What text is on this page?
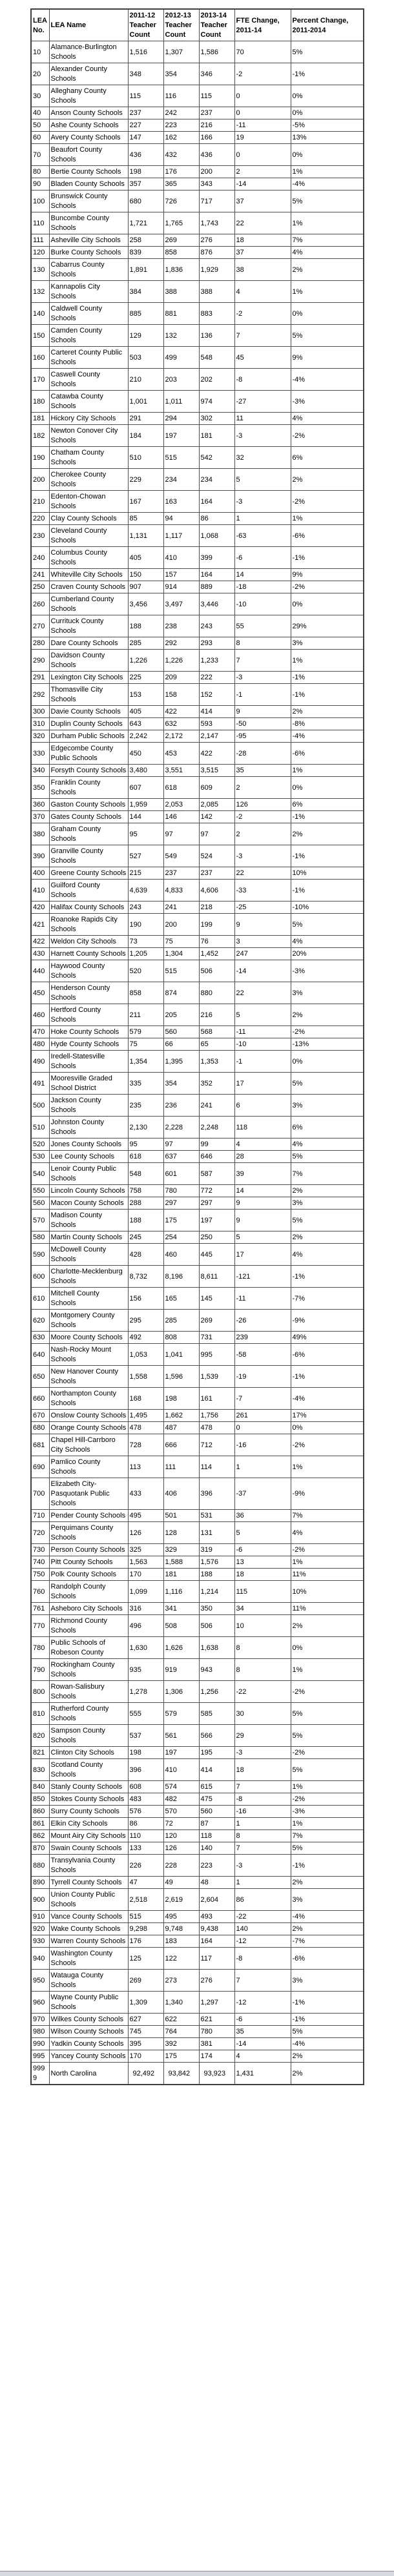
LEA No.	LEA Name	2011-12 Teacher Count	2012-13 Teacher Count	2013-14 Teacher Count	FTE Change, 2011-14	Percent Change, 2011-2014
10	Alamance-Burlington Schools	1,516	1,307	1,586	70	5%
20	Alexander County Schools	348	354	346	-2	-1%
30	Alleghany County Schools	115	116	115	0	0%
40	Anson County Schools	237	242	237	0	0%
50	Ashe County Schools	227	223	216	-11	-5%
60	Avery County Schools	147	162	166	19	13%
70	Beaufort County Schools	436	432	436	0	0%
80	Bertie County Schools	198	176	200	2	1%
90	Bladen County Schools	357	365	343	-14	-4%
100	Brunswick County Schools	680	726	717	37	5%
110	Buncombe County Schools	1,721	1,765	1,743	22	1%
111	Asheville City Schools	258	269	276	18	7%
120	Burke County Schools	839	858	876	37	4%
130	Cabarrus County Schools	1,891	1,836	1,929	38	2%
132	Kannapolis City Schools	384	388	388	4	1%
140	Caldwell County Schools	885	881	883	-2	0%
150	Camden County Schools	129	132	136	7	5%
160	Carteret County Public Schools	503	499	548	45	9%
170	Caswell County Schools	210	203	202	-8	-4%
180	Catawba County Schools	1,001	1,011	974	-27	-3%
181	Hickory City Schools	291	294	302	11	4%
182	Newton Conover City Schools	184	197	181	-3	-2%
190	Chatham County Schools	510	515	542	32	6%
200	Cherokee County Schools	229	234	234	5	2%
210	Edenton-Chowan Schools	167	163	164	-3	-2%
220	Clay County Schools	85	94	86	1	1%
230	Cleveland County Schools	1,131	1,117	1,068	-63	-6%
240	Columbus County Schools	405	410	399	-6	-1%
241	Whiteville City Schools	150	157	164	14	9%
250	Craven County Schools	907	914	889	-18	-2%
260	Cumberland County Schools	3,456	3,497	3,446	-10	0%
270	Currituck County Schools	188	238	243	55	29%
280	Dare County Schools	285	292	293	8	3%
290	Davidson County Schools	1,226	1,226	1,233	7	1%
291	Lexington City Schools	225	209	222	-3	-1%
292	Thomasville City Schools	153	158	152	-1	-1%
300	Davie County Schools	405	422	414	9	2%
310	Duplin County Schools	643	632	593	-50	-8%
320	Durham Public Schools	2,242	2,172	2,147	-95	-4%
330	Edgecombe County Public Schools	450	453	422	-28	-6%
340	Forsyth County Schools	3,480	3,551	3,515	35	1%
350	Franklin County Schools	607	618	609	2	0%
360	Gaston County Schools	1,959	2,053	2,085	126	6%
370	Gates County Schools	144	146	142	-2	-1%
380	Graham County Schools	95	97	97	2	2%
390	Granville County Schools	527	549	524	-3	-1%
400	Greene County Schools	215	237	237	22	10%
410	Guilford County Schools	4,639	4,833	4,606	-33	-1%
420	Halifax County Schools	243	241	218	-25	-10%
421	Roanoke Rapids City Schools	190	200	199	9	5%
422	Weldon City Schools	73	75	76	3	4%
430	Harnett County Schools	1,205	1,304	1,452	247	20%
440	Haywood County Schools	520	515	506	-14	-3%
450	Henderson County Schools	858	874	880	22	3%
460	Hertford County Schools	211	205	216	5	2%
470	Hoke County Schools	579	560	568	-11	-2%
480	Hyde County Schools	75	66	65	-10	-13%
490	Iredell-Statesville Schools	1,354	1,395	1,353	-1	0%
491	Mooresville Graded School District	335	354	352	17	5%
500	Jackson County Schools	235	236	241	6	3%
510	Johnston County Schools	2,130	2,228	2,248	118	6%
520	Jones County Schools	95	97	99	4	4%
530	Lee County Schools	618	637	646	28	5%
540	Lenoir County Public Schools	548	601	587	39	7%
550	Lincoln County Schools	758	780	772	14	2%
560	Macon County Schools	288	297	297	9	3%
570	Madison County Schools	188	175	197	9	5%
580	Martin County Schools	245	254	250	5	2%
590	McDowell County Schools	428	460	445	17	4%
600	Charlotte-Mecklenburg Schools	8,732	8,196	8,611	-121	-1%
610	Mitchell County Schools	156	165	145	-11	-7%
620	Montgomery County Schools	295	285	269	-26	-9%
630	Moore County Schools	492	808	731	239	49%
640	Nash-Rocky Mount Schools	1,053	1,041	995	-58	-6%
650	New Hanover County Schools	1,558	1,596	1,539	-19	-1%
660	Northampton County Schools	168	198	161	-7	-4%
670	Onslow County Schools	1,495	1,662	1,756	261	17%
680	Orange County Schools	478	487	478	0	0%
681	Chapel Hill-Carrboro City Schools	728	666	712	-16	-2%
690	Pamlico County Schools	113	111	114	1	1%
700	Elizabeth City-Pasquotank Public Schools	433	406	396	-37	-9%
710	Pender County Schools	495	501	531	36	7%
720	Perquimans County Schools	126	128	131	5	4%
730	Person County Schools	325	329	319	-6	-2%
740	Pitt County Schools	1,563	1,588	1,576	13	1%
750	Polk County Schools	170	181	188	18	11%
760	Randolph County Schools	1,099	1,116	1,214	115	10%
761	Asheboro City Schools	316	341	350	34	11%
770	Richmond County Schools	496	508	506	10	2%
780	Public Schools of Robeson County	1,630	1,626	1,638	8	0%
790	Rockingham County Schools	935	919	943	8	1%
800	Rowan-Salisbury Schools	1,278	1,306	1,256	-22	-2%
810	Rutherford County Schools	555	579	585	30	5%
820	Sampson County Schools	537	561	566	29	5%
821	Clinton City Schools	198	197	195	-3	-2%
830	Scotland County Schools	396	410	414	18	5%
840	Stanly County Schools	608	574	615	7	1%
850	Stokes County Schools	483	482	475	-8	-2%
860	Surry County Schools	576	570	560	-16	-3%
861	Elkin City Schools	86	72	87	1	1%
862	Mount Airy City Schools	110	120	118	8	7%
870	Swain County Schools	133	126	140	7	5%
880	Transylvania County Schools	226	228	223	-3	-1%
890	Tyrrell County Schools	47	49	48	1	2%
900	Union County Public Schools	2,518	2,619	2,604	86	3%
910	Vance County Schools	515	495	493	-22	-4%
920	Wake County Schools	9,298	9,748	9,438	140	2%
930	Warren County Schools	176	183	164	-12	-7%
940	Washington County Schools	125	122	117	-8	-6%
950	Watauga County Schools	269	273	276	7	3%
960	Wayne County Public Schools	1,309	1,340	1,297	-12	-1%
970	Wilkes County Schools	627	622	621	-6	-1%
980	Wilson County Schools	745	764	780	35	5%
990	Yadkin County Schools	395	392	381	-14	-4%
995	Yancey County Schools	170	175	174	4	2%
9999	North Carolina	92,492	93,842	93,923	1,431	2%
